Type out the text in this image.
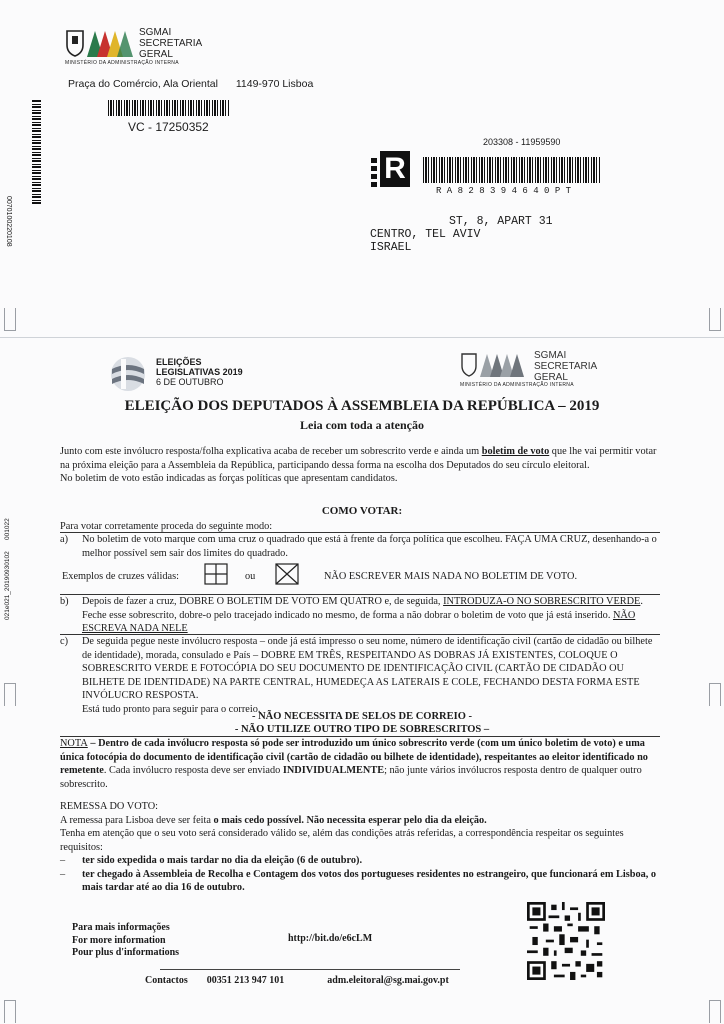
SGMAI
SECRETARIA GERAL
MINISTÉRIO DA ADMINISTRAÇÃO INTERNA
Praça do Comércio, Ala Oriental 1149-970 Lisboa
VC - 17250352
0070100220108
203308 - 11959590
R
R A 8 2 8 3 9 4 6 4 0 P T
ST, 8, APART 31
CENTRO, TEL AVIV
ISRAEL
ELEIÇÕES
LEGISLATIVAS 2019
6 DE OUTUBRO
SGMAI
SECRETARIA GERAL
MINISTÉRIO DA ADMINISTRAÇÃO INTERNA
ELEIÇÃO DOS DEPUTADOS À ASSEMBLEIA DA REPÚBLICA – 2019
Leia com toda a atenção
021e021_20190930102
001022

Junto com este invólucro resposta/folha explicativa acaba de receber um sobrescrito verde e ainda um boletim de voto que lhe vai permitir votar na próxima eleição para a Assembleia da República, participando dessa forma na escolha dos Deputados do seu círculo eleitoral.

No boletim de voto estão indicadas as forças políticas que apresentam candidatos.

COMO VOTAR:
Para votar corretamente proceda do seguinte modo:
a)	No boletim de voto marque com uma cruz o quadrado que está à frente da força política que escolheu. FAÇA UMA CRUZ, desenhando-a o melhor possível sem sair dos limites do quadrado.
Exemplos de cruzes válidas:	ou	NÃO ESCREVER MAIS NADA NO BOLETIM DE VOTO.
b)	Depois de fazer a cruz, DOBRE O BOLETIM DE VOTO EM QUATRO e, de seguida, INTRODUZA-O NO SOBRESCRITO VERDE. Feche esse sobrescrito, dobre-o pelo tracejado indicado no mesmo, de forma a não dobrar o boletim de voto que já está inserido. NÃO ESCREVA NADA NELE
c)	De seguida pegue neste invólucro resposta – onde já está impresso o seu nome, número de identificação civil (cartão de cidadão ou bilhete de identidade), morada, consulado e País – DOBRE EM TRÊS, RESPEITANDO AS DOBRAS JÁ EXISTENTES, COLOQUE O SOBRESCRITO VERDE E FOTOCÓPIA DO SEU DOCUMENTO DE IDENTIFICAÇÃO CIVIL (CARTÃO DE CIDADÃO OU BILHETE DE IDENTIDADE) NA PARTE CENTRAL, HUMEDEÇA AS LATERAIS E COLE, FECHANDO DESTA FORMA ESTE INVÓLUCRO RESPOSTA.
Está tudo pronto para seguir para o correio.
- NÃO NECESSITA DE SELOS DE CORREIO -
- NÃO UTILIZE OUTRO TIPO DE SOBRESCRITOS –
NOTA – Dentro de cada invólucro resposta só pode ser introduzido um único sobrescrito verde (com um único boletim de voto) e uma única fotocópia do documento de identificação civil (cartão de cidadão ou bilhete de identidade), respeitantes ao eleitor identificado no remetente. Cada invólucro resposta deve ser enviado INDIVIDUALMENTE; não junte vários invólucros resposta dentro de qualquer outro sobrescrito.

REMESSA DO VOTO:

A remessa para Lisboa deve ser feita o mais cedo possível. Não necessita esperar pelo dia da eleição.

Tenha em atenção que o seu voto será considerado válido se, além das condições atrás referidas, a correspondência respeitar os seguintes requisitos:

–	ter sido expedida o mais tardar no dia da eleição (6 de outubro).
–	ter chegado à Assembleia de Recolha e Contagem dos votos dos portugueses residentes no estrangeiro, que funcionará em Lisboa, o mais tardar até ao dia 16 de outubro.
Para mais informações
For more information
Pour plus d'informations
http://bit.do/e6cLM
Contactos 00351 213 947 101	adm.eleitoral@sg.mai.gov.pt
